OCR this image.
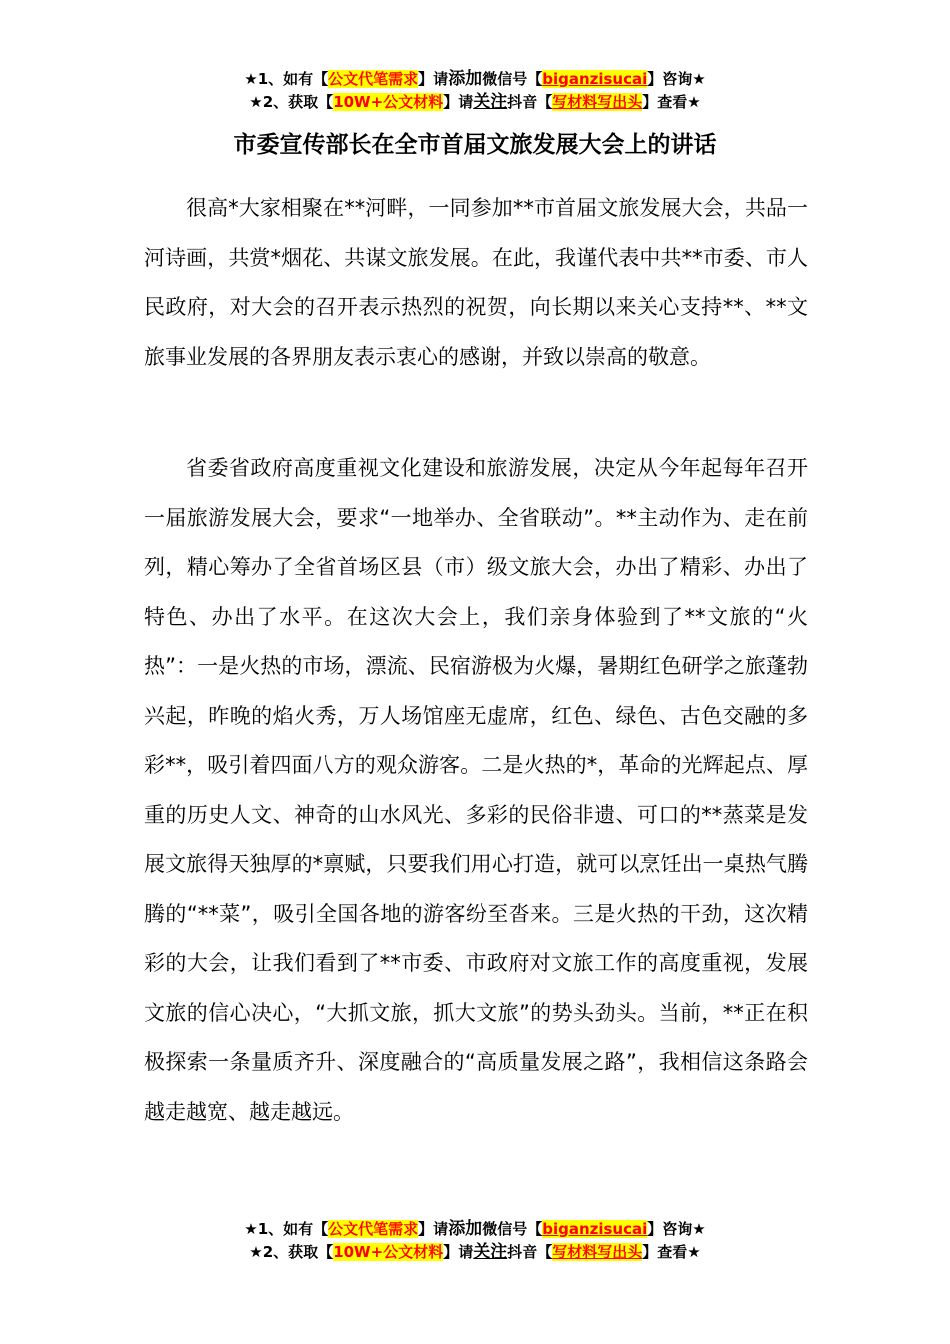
★1、如有【公文代笔需求】请添加微信号【biganzisucai】咨询★
★2、获取【10W+公文材料】请关注抖音【写材料写出头】查看★
市委宣传部长在全市首届文旅发展大会上的讲话

很高*大家相聚在**河畔，一同参加**市首届文旅发展大会，共品一河诗画，共赏*烟花、共谋文旅发展。在此，我谨代表中共**市委、市人民政府，对大会的召开表示热烈的祝贺，向长期以来关心支持**、**文旅事业发展的各界朋友表示衷心的感谢，并致以崇高的敬意。

省委省政府高度重视文化建设和旅游发展，决定从今年起每年召开一届旅游发展大会，要求“一地举办、全省联动”。**主动作为、走在前列，精心筹办了全省首场区县（市）级文旅大会，办出了精彩、办出了特色、办出了水平。在这次大会上，我们亲身体验到了**文旅的“火热”：一是火热的市场，漂流、民宿游极为火爆，暑期红色研学之旅蓬勃兴起，昨晚的焰火秀，万人场馆座无虚席，红色、绿色、古色交融的多彩**，吸引着四面八方的观众游客。二是火热的*，革命的光辉起点、厚重的历史人文、神奇的山水风光、多彩的民俗非遗、可口的**蒸菜是发展文旅得天独厚的*禀赋，只要我们用心打造，就可以烹饪出一桌热气腾腾的“**菜”，吸引全国各地的游客纷至沓来。三是火热的干劲，这次精彩的大会，让我们看到了**市委、市政府对文旅工作的高度重视，发展文旅的信心决心，“大抓文旅，抓大文旅”的势头劲头。当前，**正在积极探索一条量质齐升、深度融合的“高质量发展之路”，我相信这条路会越走越宽、越走越远。

★1、如有【公文代笔需求】请添加微信号【biganzisucai】咨询★
★2、获取【10W+公文材料】请关注抖音【写材料写出头】查看★
